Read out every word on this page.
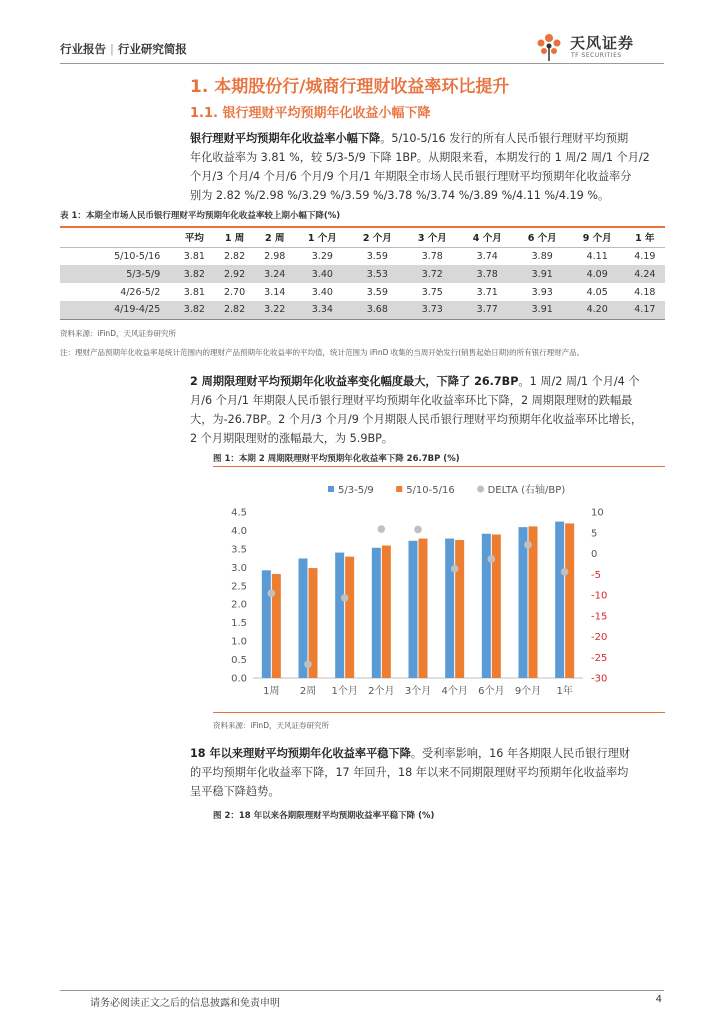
行业报告 | 行业研究简报	天风证券
TF SECURITIES
1. 本期股份行/城商行理财收益率环比提升
1.1. 银行理财平均预期年化收益小幅下降
银行理财平均预期年化收益率小幅下降。5/10-5/16 发行的所有人民币银行理财平均预期
年化收益率为 3.81 %，较 5/3-5/9 下降 1BP。从期限来看，本期发行的 1 周/2 周/1 个月/2
个月/3 个月/4 个月/6 个月/9 个月/1 年期限全市场人民币银行理财平均预期年化收益率分
别为 2.82 %/2.98 %/3.29 %/3.59 %/3.78 %/3.74 %/3.89 %/4.11 %/4.19 %。
表 1：本期全市场人民币银行理财平均预期年化收益率较上期小幅下降(%)
	平均	1 周	2 周	1 个月	2 个月	3 个月	4 个月	6 个月	9 个月	1 年
5/10-5/16	3.81	2.82	2.98	3.29	3.59	3.78	3.74	3.89	4.11	4.19
5/3-5/9	3.82	2.92	3.24	3.40	3.53	3.72	3.78	3.91	4.09	4.24
4/26-5/2	3.81	2.70	3.14	3.40	3.59	3.75	3.71	3.93	4.05	4.18
4/19-4/25	3.82	2.82	3.22	3.34	3.68	3.73	3.77	3.91	4.20	4.17
资料来源：iFinD，天风证券研究所
注：理财产品预期年化收益率是统计范围内的理财产品预期年化收益率的平均值，统计范围为 iFinD 收集的当周开始发行(销售起始日期)的所有银行理财产品。
2 周期限理财平均预期年化收益率变化幅度最大，下降了 26.7BP。1 周/2 周/1 个月/4 个
月/6 个月/1 年期限人民币银行理财平均预期年化收益率环比下降，2 周期限理财的跌幅最
大，为-26.7BP。2 个月/3 个月/9 个月期限人民币银行理财平均预期年化收益率环比增长，
2 个月期限理财的涨幅最大，为 5.9BP。
图 1：本期 2 周期限理财平均预期年化收益率下降 26.7BP (%)
5/3-5/9	5/10-5/16	DELTA (右轴/BP)
0.0
0.5
1.0
1.5
2.0
2.5
3.0
3.5
4.0
4.5
-30
-25
-20
-15
-10
-5
0
5
10
1周 2周 1个月 2个月 3个月 4个月 6个月 9个月 1年
资料来源：iFinD，天风证券研究所
18 年以来理财平均预期年化收益率平稳下降。受利率影响，16 年各期限人民币银行理财
的平均预期年化收益率下降，17 年回升，18 年以来不同期限理财平均预期年化收益率均
呈平稳下降趋势。
图 2：18 年以来各期限理财平均预期收益率平稳下降 (%)
请务必阅读正文之后的信息披露和免责申明	4
